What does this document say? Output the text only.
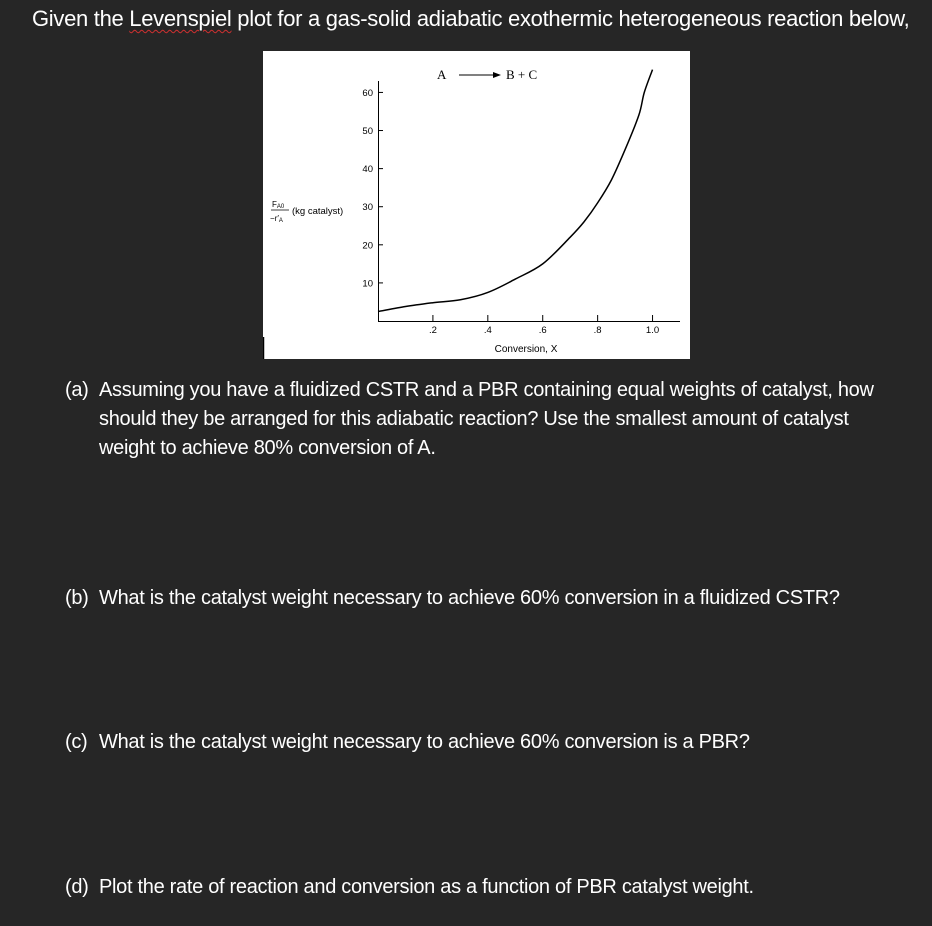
Given the Levenspiel plot for a gas-solid adiabatic exothermic heterogeneous reaction below,
A	B + C
FA0
−r′A
(kg catalyst)
10
20
30
40
50
60
.2	.4	.6	.8	1.0
Conversion, X
(a) Assuming you have a fluidized CSTR and a PBR containing equal weights of catalyst, how
should they be arranged for this adiabatic reaction? Use the smallest amount of catalyst
weight to achieve 80% conversion of A.
(b) What is the catalyst weight necessary to achieve 60% conversion in a fluidized CSTR?
(c) What is the catalyst weight necessary to achieve 60% conversion is a PBR?
(d) Plot the rate of reaction and conversion as a function of PBR catalyst weight.
